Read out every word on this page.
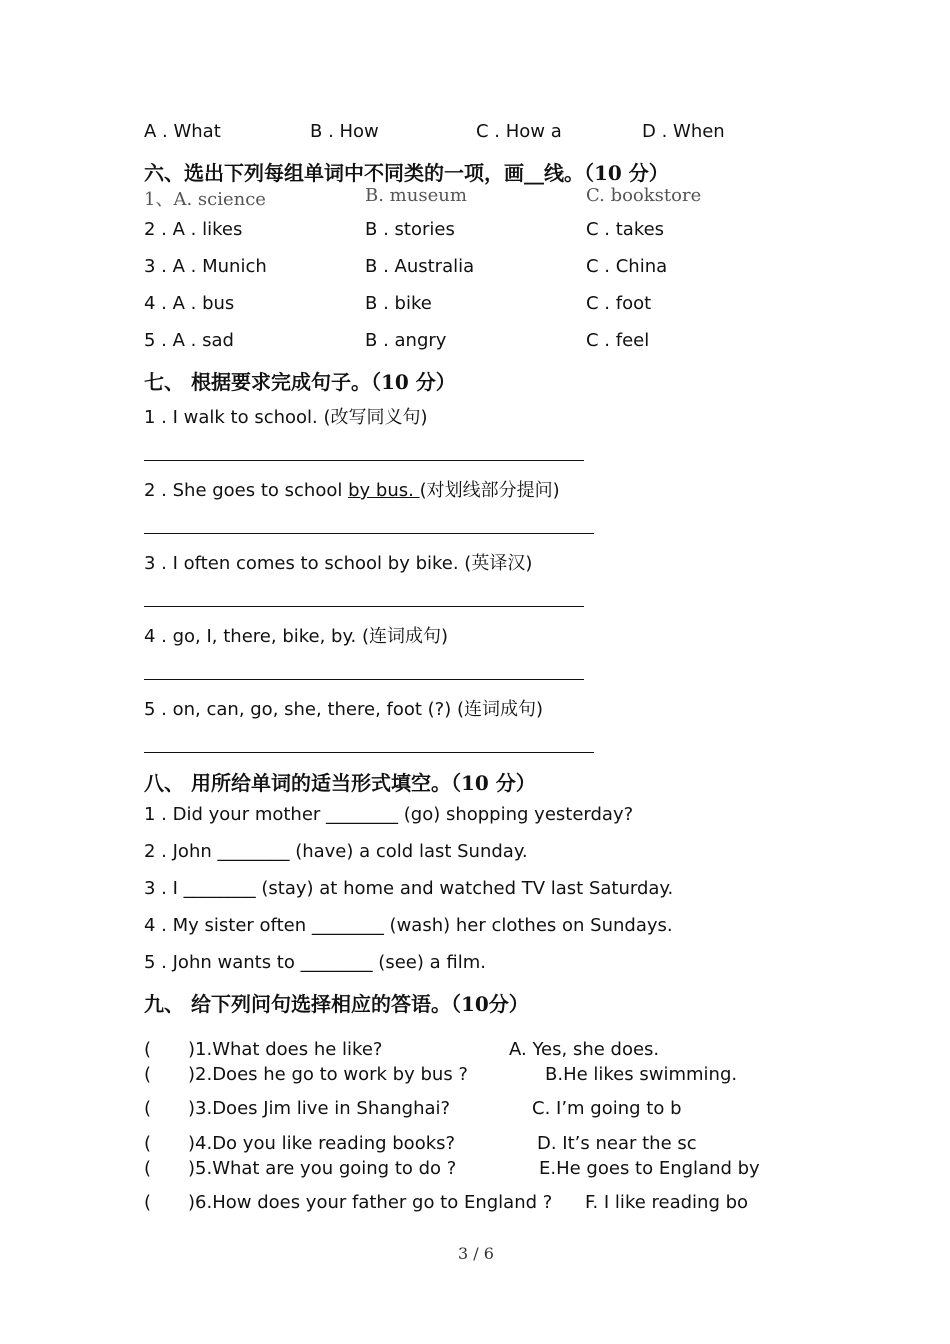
A . What	B . How	C . How a	D . When
六、选出下列每组单词中不同类的一项，画__线。（10 分）
1、A. science	B. museum	C. bookstore
2 . A . likes	B . stories	C . takes
3 . A . Munich	B . Australia	C . China
4 . A . bus	B . bike	C . foot
5 . A . sad	B . angry	C . feel
七、 根据要求完成句子。（10 分）
1 . I walk to school. (改写同义句)
2 . She goes to school by bus. (对划线部分提问)
3 . I often comes to school by bike. (英译汉)
4 . go, I, there, bike, by. (连词成句)
5 . on, can, go, she, there, foot (?) (连词成句)
八、 用所给单词的适当形式填空。（10 分）
1 . Did your mother ________ (go) shopping yesterday?
2 . John ________ (have) a cold last Sunday.
3 . I ________ (stay) at home and watched TV last Saturday.
4 . My sister often ________ (wash) her clothes on Sundays.
5 . John wants to ________ (see) a film.
九、 给下列问句选择相应的答语。（10分）
( )1.What does he like?	A. Yes, she does.
( )2.Does he go to work by bus ?	B.He likes swimming.
( )3.Does Jim live in Shanghai?	C. I’m going to b
( )4.Do you like reading books?	D. It’s near the sc
( )5.What are you going to do ?	E.He goes to England by
( )6.How does your father go to England ? F. I like reading bo
3 / 6
